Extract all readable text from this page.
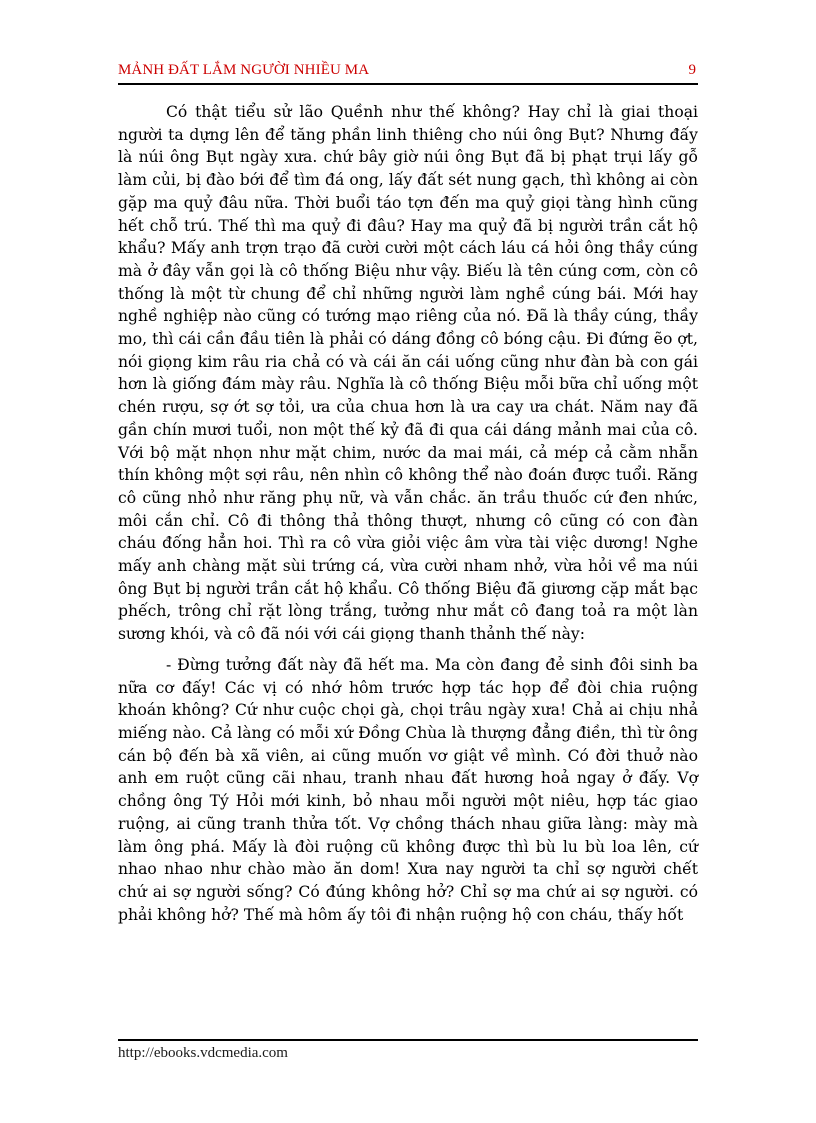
MẢNH ĐẤT LẮM NGƯỜI NHIỀU MA	9

Có thật tiểu sử lão Quềnh như thế không? Hay chỉ là giai thoại người ta dựng lên để tăng phần linh thiêng cho núi ông Bụt? Nhưng đấy là núi ông Bụt ngày xưa. chứ bây giờ núi ông Bụt đã bị phạt trụi lấy gỗ làm củi, bị đào bới để tìm đá ong, lấy đất sét nung gạch, thì không ai còn gặp ma quỷ đâu nữa. Thời buổi táo tợn đến ma quỷ giọi tàng hình cũng hết chỗ trú. Thế thì ma quỷ đi đâu? Hay ma quỷ đã bị người trần cắt hộ khẩu? Mấy anh trợn trạo đã cười cười một cách láu cá hỏi ông thầy cúng mà ở đây vẫn gọi là cô thống Biệu như vậy. Biếu là tên cúng cơm, còn cô thống là một từ chung để chỉ những người làm nghề cúng bái. Mới hay nghề nghiệp nào cũng có tướng mạo riêng của nó. Đã là thầy cúng, thầy mo, thì cái cần đầu tiên là phải có dáng đồng cô bóng cậu. Đi đứng ẽo ợt, nói giọng kim râu ria chả có và cái ăn cái uống cũng như đàn bà con gái hơn là giống đám mày râu. Nghĩa là cô thống Biệu mỗi bữa chỉ uống một chén rượu, sợ ớt sợ tỏi, ưa của chua hơn là ưa cay ưa chát. Năm nay đã gần chín mươi tuổi, non một thế kỷ đã đi qua cái dáng mảnh mai của cô. Với bộ mặt nhọn như mặt chim, nước da mai mái, cả mép cả cằm nhẵn thín không một sợi râu, nên nhìn cô không thể nào đoán được tuổi. Răng cô cũng nhỏ như răng phụ nữ, và vẫn chắc. ăn trầu thuốc cứ đen nhức, môi cắn chỉ. Cô đi thông thả thông thượt, nhưng cô cũng có con đàn cháu đống hẳn hoi. Thì ra cô vừa giỏi việc âm vừa tài việc dương! Nghe mấy anh chàng mặt sùi trứng cá, vừa cười nham nhở, vừa hỏi về ma núi ông Bụt bị người trần cắt hộ khẩu. Cô thống Biệu đã giương cặp mắt bạc phếch, trông chỉ rặt lòng trắng, tưởng như mắt cô đang toả ra một làn sương khói, và cô đã nói với cái giọng thanh thảnh thế này:

- Đừng tưởng đất này đã hết ma. Ma còn đang đẻ sinh đôi sinh ba nữa cơ đấy! Các vị có nhớ hôm trước hợp tác họp để đòi chia ruộng khoán không? Cứ như cuộc chọi gà, chọi trâu ngày xưa! Chả ai chịu nhả miếng nào. Cả làng có mỗi xứ Đồng Chùa là thượng đẳng điền, thì từ ông cán bộ đến bà xã viên, ai cũng muốn vơ giật về mình. Có đời thuở nào anh em ruột cũng cãi nhau, tranh nhau đất hương hoả ngay ở đấy. Vợ chồng ông Tý Hỏi mới kinh, bỏ nhau mỗi người một niêu, hợp tác giao ruộng, ai cũng tranh thửa tốt. Vợ chồng thách nhau giữa làng: mày mà làm ông phá. Mấy là đòi ruộng cũ không được thì bù lu bù loa lên, cứ nhao nhao như chào mào ăn dom! Xưa nay người ta chỉ sợ người chết chứ ai sợ người sống? Có đúng không hở? Chỉ sợ ma chứ ai sợ người. có phải không hở? Thế mà hôm ấy tôi đi nhận ruộng hộ con cháu, thấy hốt

http://ebooks.vdcmedia.com
